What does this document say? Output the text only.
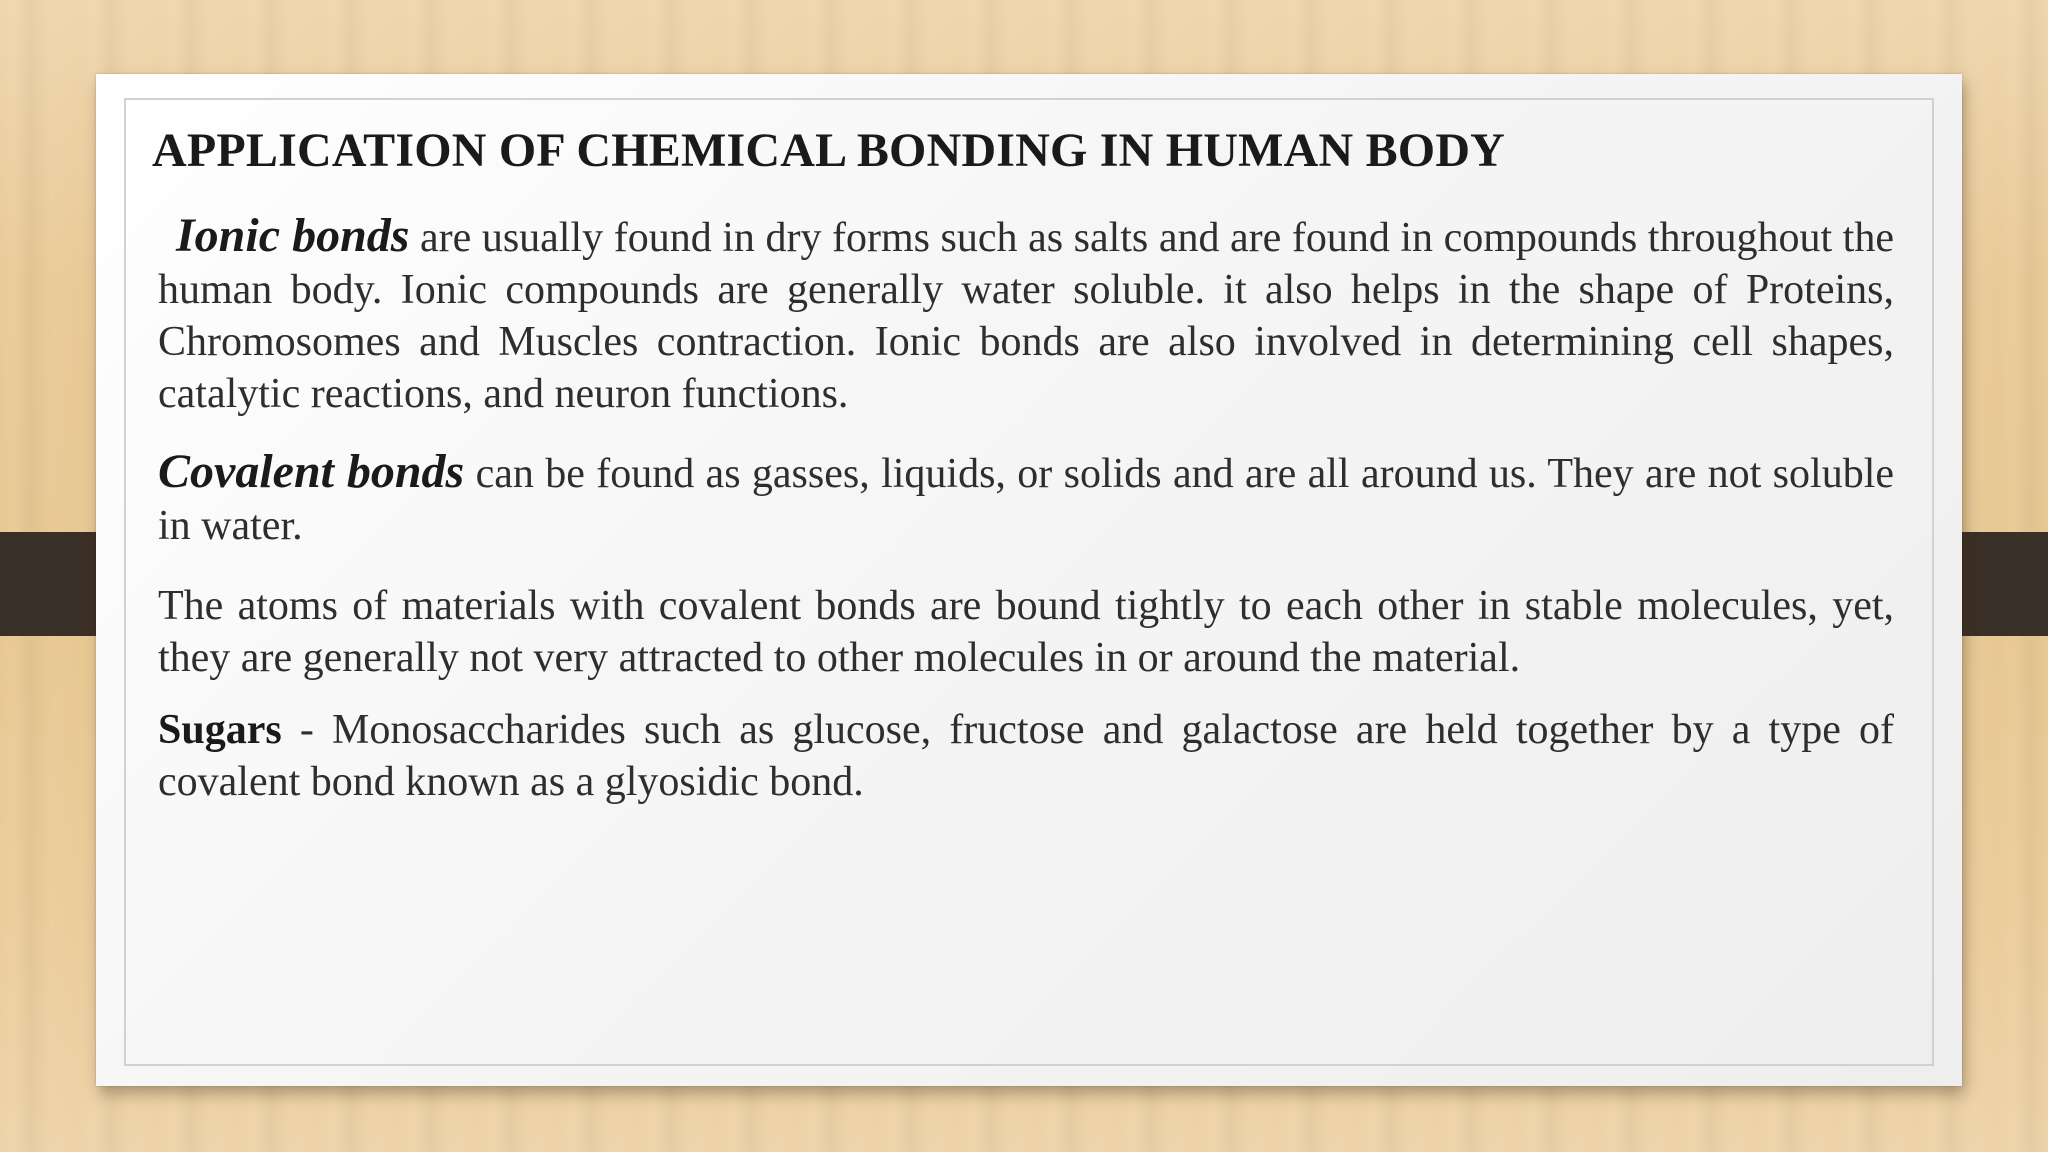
APPLICATION OF CHEMICAL BONDING IN HUMAN BODY

Ionic bonds are usually found in dry forms such as salts and are found in compounds throughout the human body. Ionic compounds are generally water soluble. it also helps in the shape of Proteins, Chromosomes and Muscles contraction. Ionic bonds are also involved in determining cell shapes, catalytic reactions, and neuron functions.

Covalent bonds can be found as gasses, liquids, or solids and are all around us. They are not soluble in water.

The atoms of materials with covalent bonds are bound tightly to each other in stable molecules, yet, they are generally not very attracted to other molecules in or around the material.

Sugars - Monosaccharides such as glucose, fructose and galactose are held together by a type of covalent bond known as a glyosidic bond.
